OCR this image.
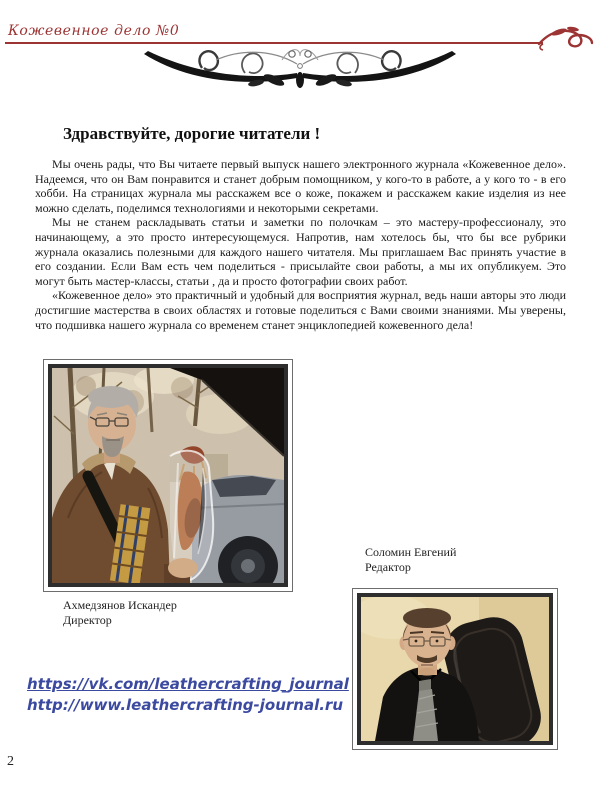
Кожевенное дело №0
Здравствуйте, дорогие читатели !

Мы очень рады, что Вы читаете первый выпуск нашего электронного журнала «Кожевенное дело». Надеемся, что он Вам понравится и станет добрым помощником, у кого-то в работе, а у кого то - в его хобби. На страницах журнала мы расскажем все о коже, покажем и расскажем какие изделия из нее можно сделать, поделимся технологиями и некоторыми секретами.

Мы не станем раскладывать статьи и заметки по полочкам – это мастеру-профессионалу, это начинающему, а это просто интересующемуся. Напротив, нам хотелось бы, что бы все рубрики журнала оказались полезными для каждого нашего читателя. Мы приглашаем Вас принять участие в его создании. Если Вам есть чем поделиться - присылайте свои работы, а мы их опубликуем. Это могут быть мастер-классы, статьи , да и просто фотографии своих работ.

«Кожевенное дело» это практичный и удобный для восприятия журнал, ведь наши авторы это люди достигшие мастерства в своих областях и готовые поделиться с Вами своими знаниями. Мы уверены, что подшивка нашего журнала со временем станет энциклопедией кожевенного дела!

Ахмедзянов Искандер
Директор
Соломин Евгений
Редактор
https://vk.com/leathercrafting_journal
http://www.leathercrafting-journal.ru
2
